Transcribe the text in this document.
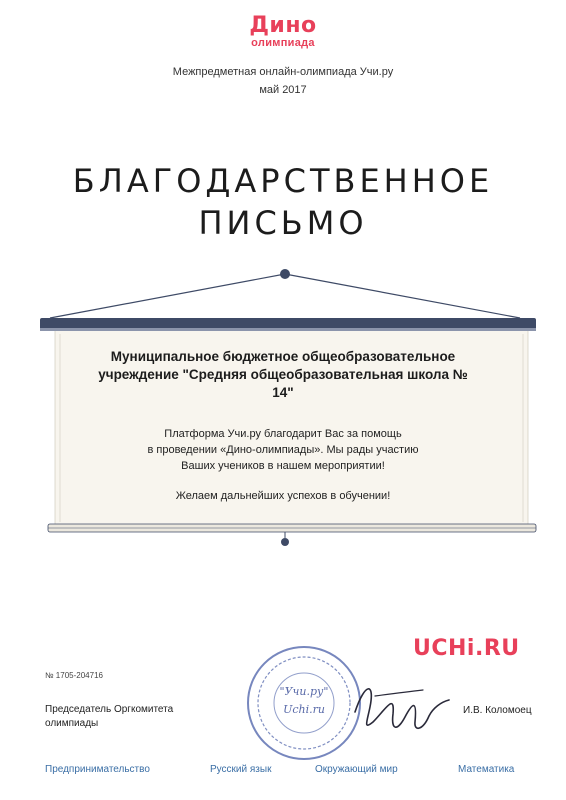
Дино
олимпиада
Межпредметная онлайн-олимпиада Учи.ру
май 2017
БЛАГОДАРСТВЕННОЕ
ПИСЬМО
Муниципальное бюджетное общеобразовательное
учреждение "Средняя общеобразовательная школа №
14"
Платформа Учи.ру благодарит Вас за помощь
в проведении «Дино-олимпиады». Мы рады участию
Ваших учеников в нашем мероприятии!
Желаем дальнейших успехов в обучении!
UCHi.RU
№ 1705-204716
Председатель Оргкомитета
олимпиады
"Учи.ру"
Uchi.ru	И.В. Коломоец
Предпринимательство	Русский язык	Окружающий мир	Математика
